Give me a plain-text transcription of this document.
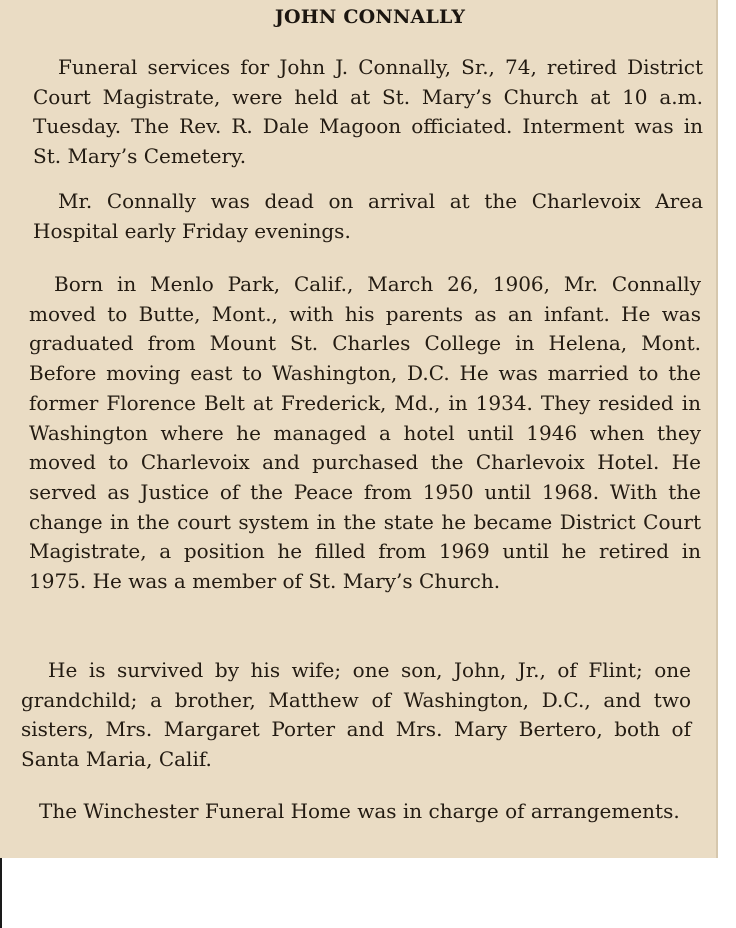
JOHN CONNALLY

Funeral services for John J. Connally, Sr., 74, retired District Court Magistrate, were held at St. Mary’s Church at 10 a.m. Tuesday. The Rev. R. Dale Magoon officiated. Interment was in St. Mary’s Cemetery.

Mr. Connally was dead on arrival at the Charlevoix Area Hospital early Friday evenings.

Born in Menlo Park, Calif., March 26, 1906, Mr. Connally moved to Butte, Mont., with his parents as an infant. He was graduated from Mount St. Charles College in Helena, Mont. Before moving east to Washington, D.C. He was married to the former Florence Belt at Frederick, Md., in 1934. They resided in Washington where he managed a hotel until 1946 when they moved to Charlevoix and purchased the Charlevoix Hotel. He served as Justice of the Peace from 1950 until 1968. With the change in the court system in the state he became District Court Magistrate, a position he filled from 1969 until he retired in 1975. He was a member of St. Mary’s Church.

He is survived by his wife; one son, John, Jr., of Flint; one grandchild; a brother, Matthew of Washington, D.C., and two sisters, Mrs. Margaret Porter and Mrs. Mary Bertero, both of Santa Maria, Calif.

The Winchester Funeral Home was in charge of arrangements.
